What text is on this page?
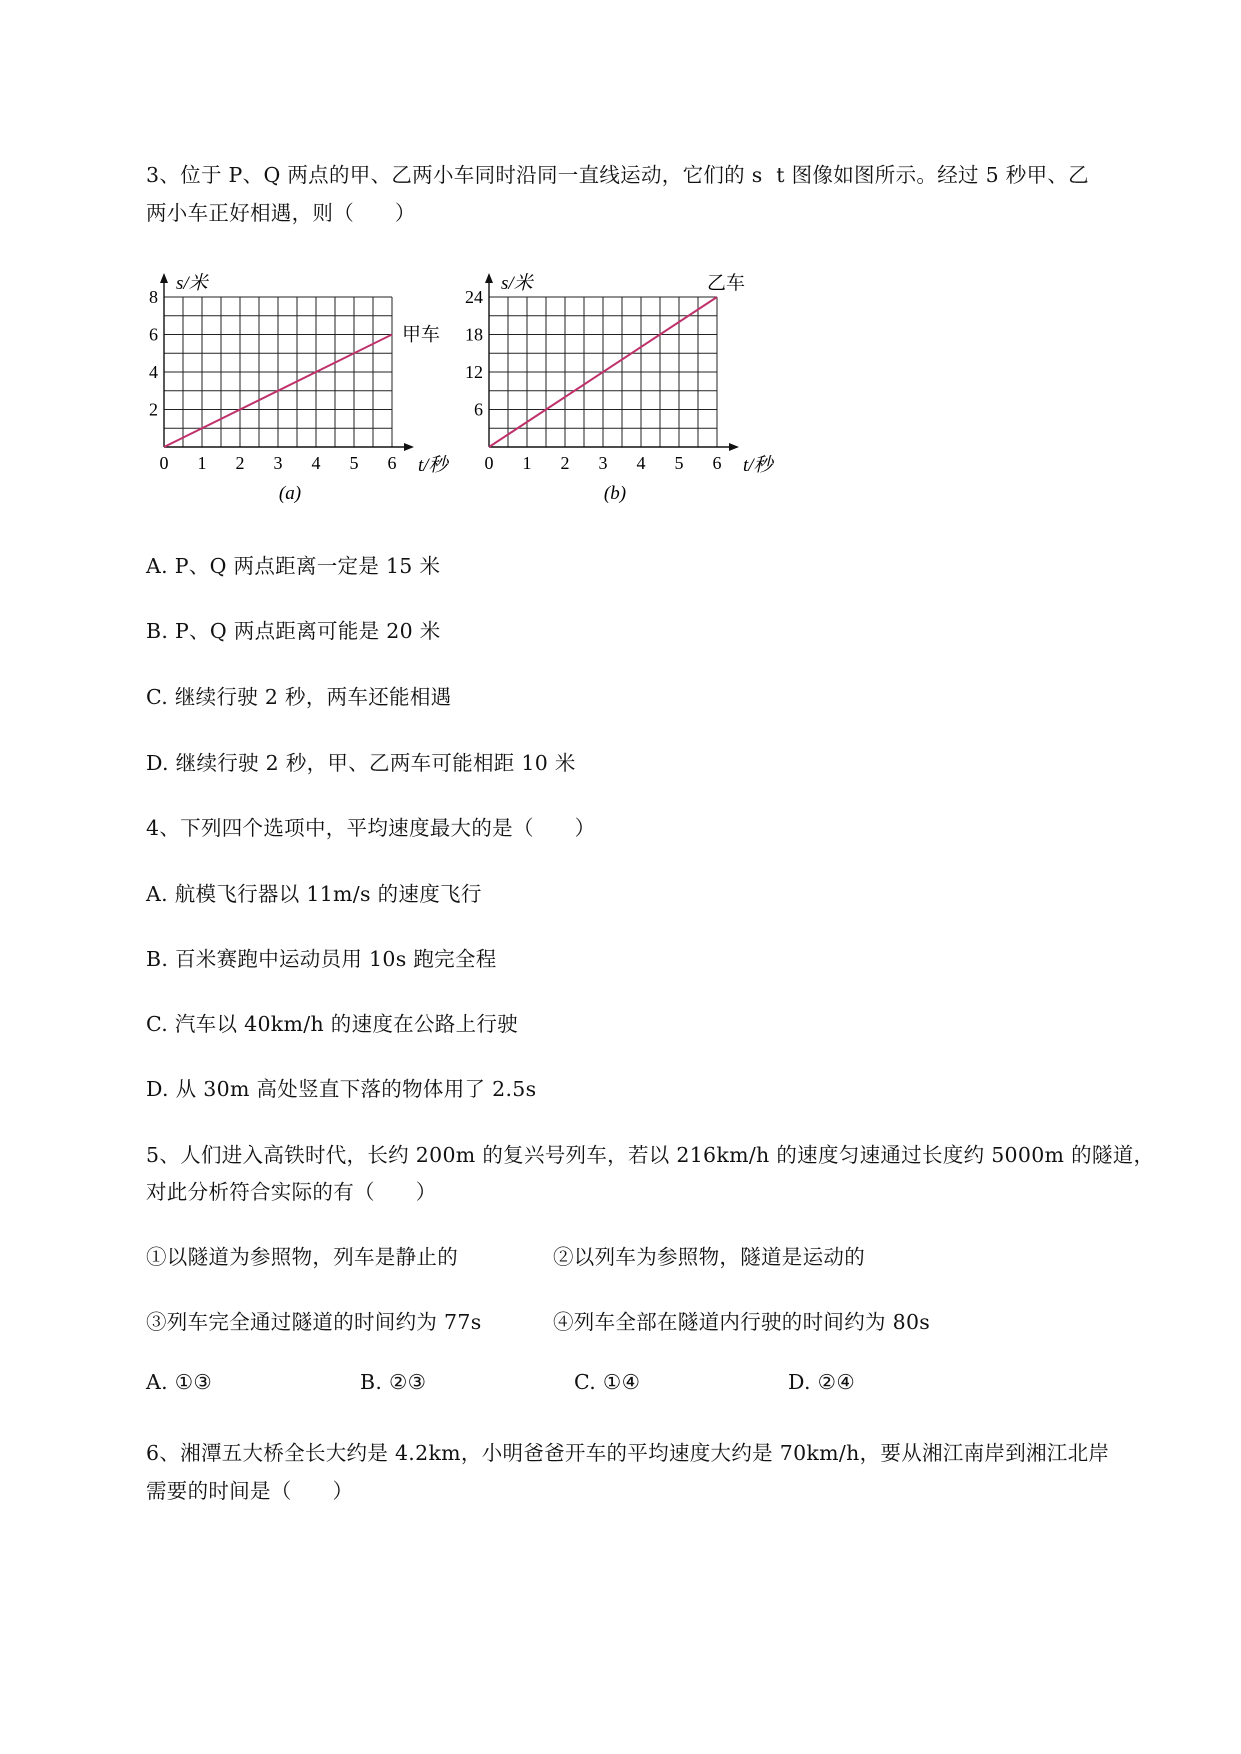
3、位于 P、Q 两点的甲、乙两小车同时沿同一直线运动，它们的 s  t 图像如图所示。经过 5 秒甲、乙
两小车正好相遇，则（      ）
s/米
t/秒
0 1 2 3 4 5 6
2
4
6
8
甲车
(a)
s/米
t/秒
0 1 2 3 4 5 6
6
12
18
24
乙车
(b)
A. P、Q 两点距离一定是 15 米
B. P、Q 两点距离可能是 20 米
C. 继续行驶 2 秒，两车还能相遇
D. 继续行驶 2 秒，甲、乙两车可能相距 10 米
4、下列四个选项中，平均速度最大的是（      ）
A. 航模飞行器以 11m/s 的速度飞行
B. 百米赛跑中运动员用 10s 跑完全程
C. 汽车以 40km/h 的速度在公路上行驶
D. 从 30m 高处竖直下落的物体用了 2.5s
5、人们进入高铁时代，长约 200m 的复兴号列车，若以 216km/h 的速度匀速通过长度约 5000m 的隧道，
对此分析符合实际的有（      ）
①以隧道为参照物，列车是静止的	②以列车为参照物，隧道是运动的
③列车完全通过隧道的时间约为 77s	④列车全部在隧道内行驶的时间约为 80s
A. ①③	B. ②③	C. ①④	D. ②④
6、湘潭五大桥全长大约是 4.2km，小明爸爸开车的平均速度大约是 70km/h，要从湘江南岸到湘江北岸
需要的时间是（      ）
